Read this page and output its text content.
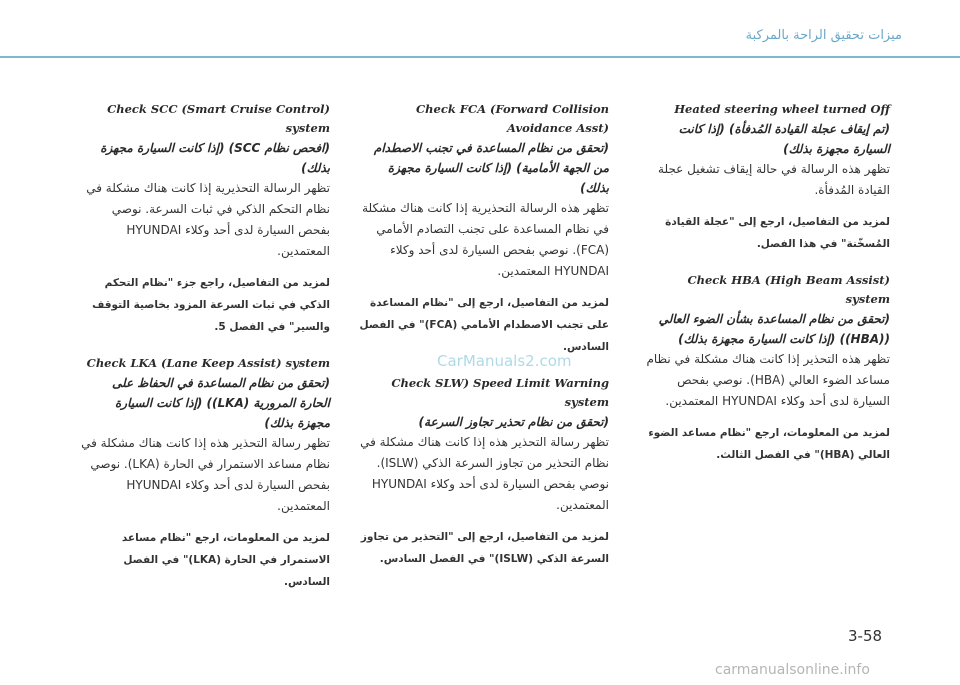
ميزات تحقيق الراحة بالمركبة
Heated steering wheel turned Off
(تم إيقاف عجلة القيادة المُدفأة) (إذا كانت السيارة مجهزة بذلك)
تظهر هذه الرسالة في حالة إيقاف تشغيل عجلة القيادة المُدفأة.
لمزيد من التفاصيل، ارجع إلى "عجلة القيادة المُسخّنة" في هذا الفصل.
Check HBA (High Beam Assist) system
(تحقق من نظام المساعدة بشأن الضوء العالي ((HBA)) (إذا كانت السيارة مجهزة بذلك)
تظهر هذه التحذير إذا كانت هناك مشكلة في نظام مساعد الضوء العالي (HBA). نوصي بفحص السيارة لدى أحد وكلاء HYUNDAI المعتمدين.
لمزيد من المعلومات، ارجع "نظام مساعد الضوء العالي (HBA)" في الفصل الثالث.
Check FCA (Forward Collision Avoidance Asst)
(تحقق من نظام المساعدة في تجنب الاصطدام من الجهة الأمامية) (إذا كانت السيارة مجهزة بذلك)
تظهر هذه الرسالة التحذيرية إذا كانت هناك مشكلة في نظام المساعدة على تجنب التصادم الأمامي (FCA). نوصي بفحص السيارة لدى أحد وكلاء HYUNDAI المعتمدين.
لمزيد من التفاصيل، ارجع إلى "نظام المساعدة على تجنب الاصطدام الأمامي (FCA)" في الفصل السادس.
Check SLW) Speed Limit Warning system
(تحقق من نظام تحذير تجاوز السرعة)
تظهر رسالة التحذير هذه إذا كانت هناك مشكلة في نظام التحذير من تجاوز السرعة الذكي (ISLW). نوصي بفحص السيارة لدى أحد وكلاء HYUNDAI المعتمدين.
لمزيد من التفاصيل، ارجع إلى "التحذير من تجاوز السرعة الذكي (ISLW)" في الفصل السادس.
Check SCC (Smart Cruise Control) system
(افحص نظام SCC) (إذا كانت السيارة مجهزة بذلك)
تظهر الرسالة التحذيرية إذا كانت هناك مشكلة في نظام التحكم الذكي في ثبات السرعة. نوصي بفحص السيارة لدى أحد وكلاء HYUNDAI المعتمدين.
لمزيد من التفاصيل، راجع جزء "نظام التحكم الذكي في ثبات السرعة المزود بخاصية التوقف والسير" في الفصل 5.
Check LKA (Lane Keep Assist) system
(تحقق من نظام المساعدة في الحفاظ على الحارة المرورية (LKA)) (إذا كانت السيارة مجهزة بذلك)
تظهر رسالة التحذير هذه إذا كانت هناك مشكلة في نظام مساعد الاستمرار في الحارة (LKA). نوصي بفحص السيارة لدى أحد وكلاء HYUNDAI المعتمدين.
لمزيد من المعلومات، ارجع "نظام مساعد الاستمرار في الحارة (LKA)" في الفصل السادس.
CarManuals2.com
3-58
carmanualsonline.info
